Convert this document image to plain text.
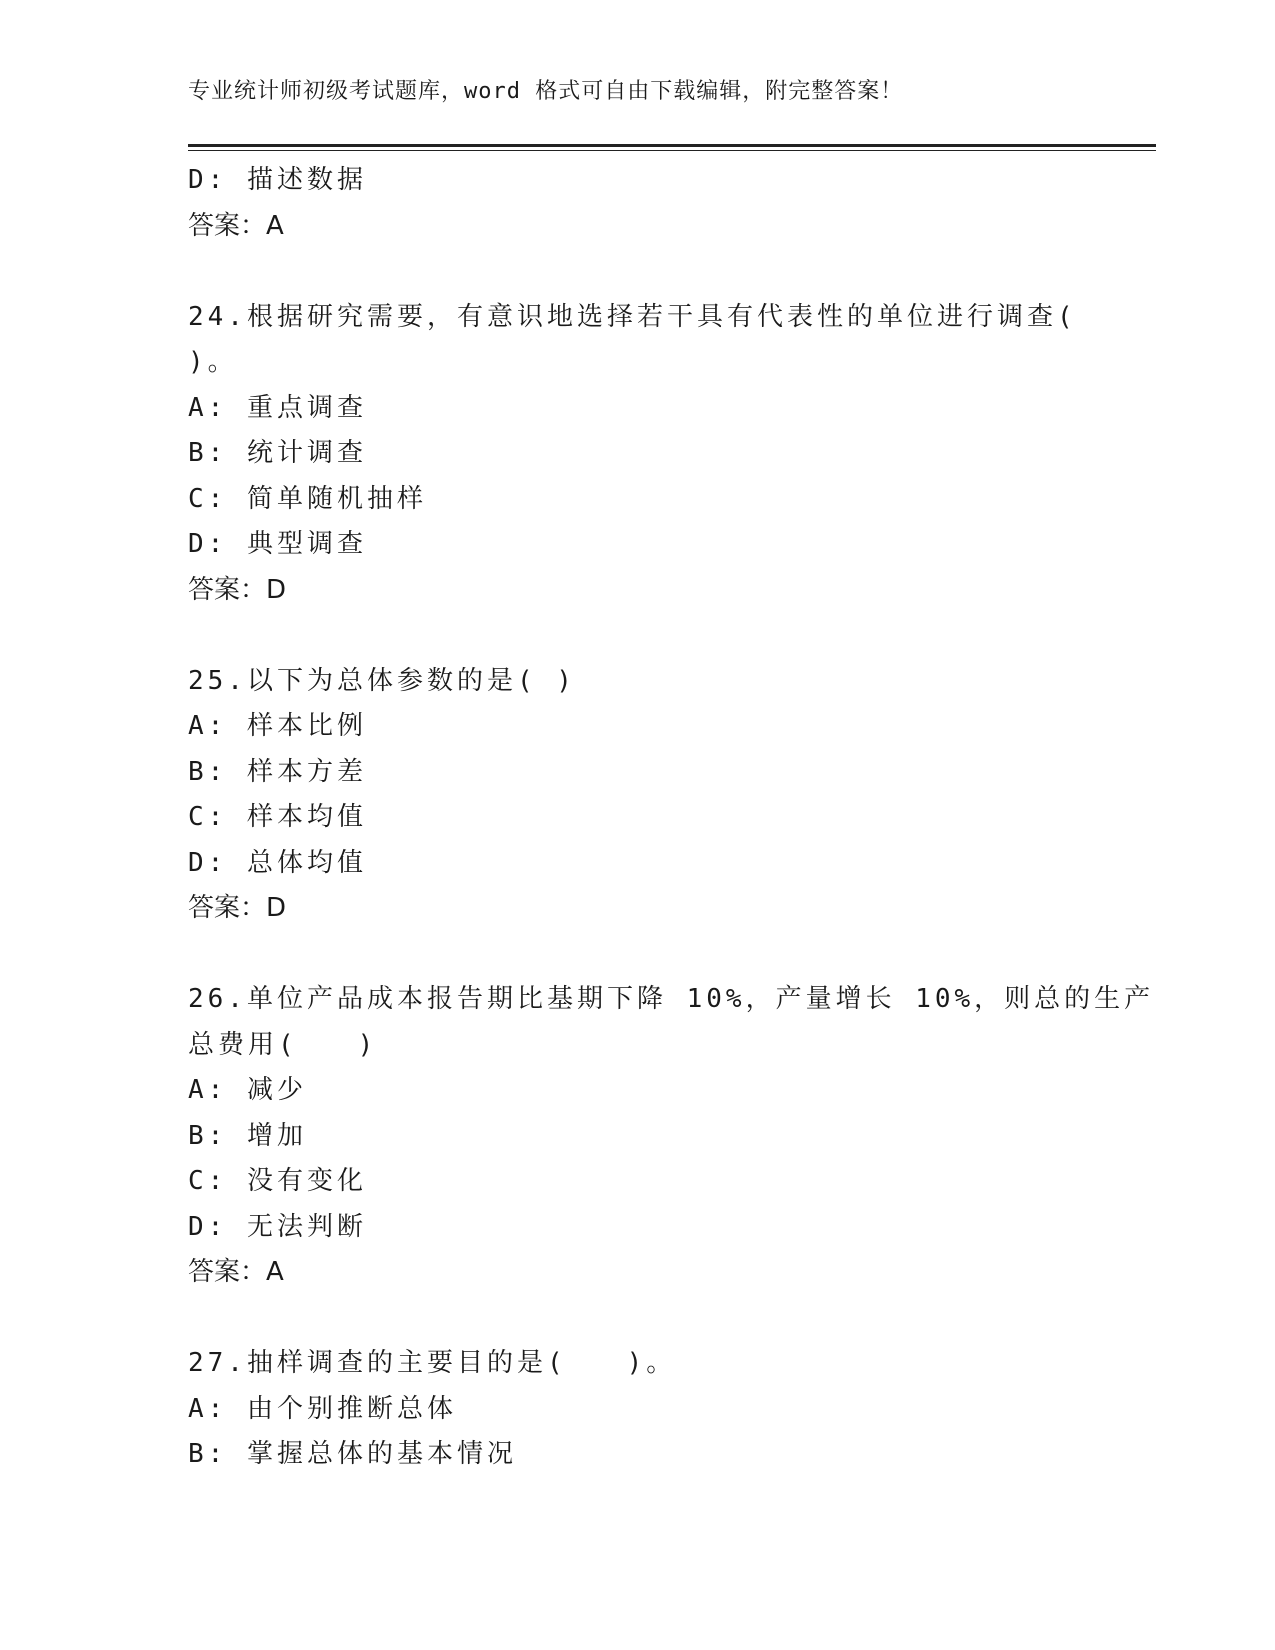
专业统计师初级考试题库，word 格式可自由下载编辑，附完整答案！
D: 描述数据
答案：A
24.根据研究需要，有意识地选择若干具有代表性的单位进行调查(
)。
A: 重点调查
B: 统计调查
C: 简单随机抽样
D: 典型调查
答案：D
25.以下为总体参数的是( )
A: 样本比例
B: 样本方差
C: 样本均值
D: 总体均值
答案：D
26.单位产品成本报告期比基期下降 10%，产量增长 10%，则总的生产
总费用(　　)
A: 减少
B: 增加
C: 没有变化
D: 无法判断
答案：A
27.抽样调查的主要目的是(　　)。
A: 由个别推断总体
B: 掌握总体的基本情况
